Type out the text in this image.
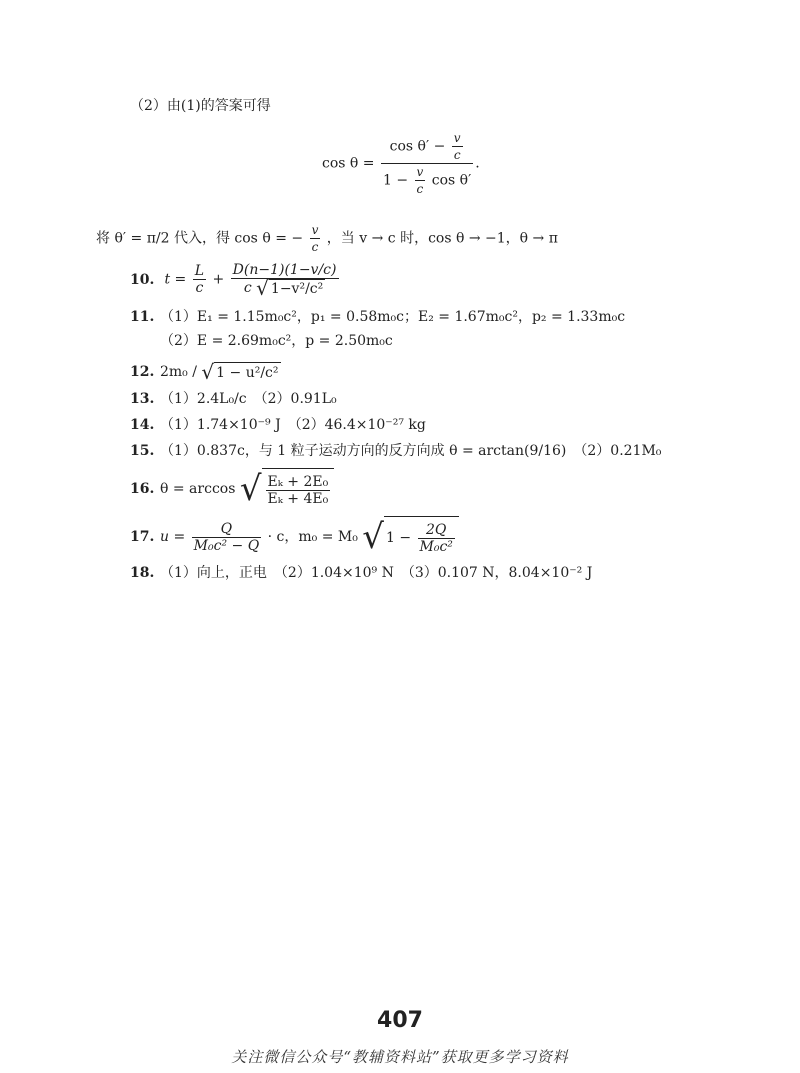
（2）由(1)的答案可得
$\cos \theta = \frac{\cos \theta' - \frac{v}{c}}{1 - \frac{v}{c} \cos \theta'}$ .
将 θ′ = π/2 代入，得 cos θ = − $\frac{v}{c}$ ，当 v → c 时，cos θ → −1，θ → π
10. $t = \frac{L}{c} + \frac{D(n-1)(1-v/c)}{\text{c √ 1−v²/c²}}$
11. （1）E₁ = 1.15m₀c²，p₁ = 0.58m₀c；E₂ = 1.67m₀c²，p₂ = 1.33m₀c
（2）E = 2.69m₀c²，p = 2.50m₀c
12. 2m₀ / √ 1 − u²/c²
13. （1）2.4L₀/c　（2）0.91L₀
14. （1）1.74×10⁻⁹ J　（2）46.4×10⁻²⁷ kg
15. （1）0.837c，与 1 粒子运动方向的反方向成 θ = arctan(9/16)　（2）0.21M₀
16. θ = arccos √ $\frac{\text{Eₖ + 2E₀}}{\text{Eₖ + 4E₀}}$
17. $u = \frac{Q}{\text{M₀c² − Q}} \cdot c$，m₀ = M₀ √ $1 - \frac{2Q}{\text{M₀c²}}$
18. （1）向上，正电　（2）1.04×10⁹ N　（3）0.107 N，8.04×10⁻² J
407
关注微信公众号“教辅资料站”获取更多学习资料
